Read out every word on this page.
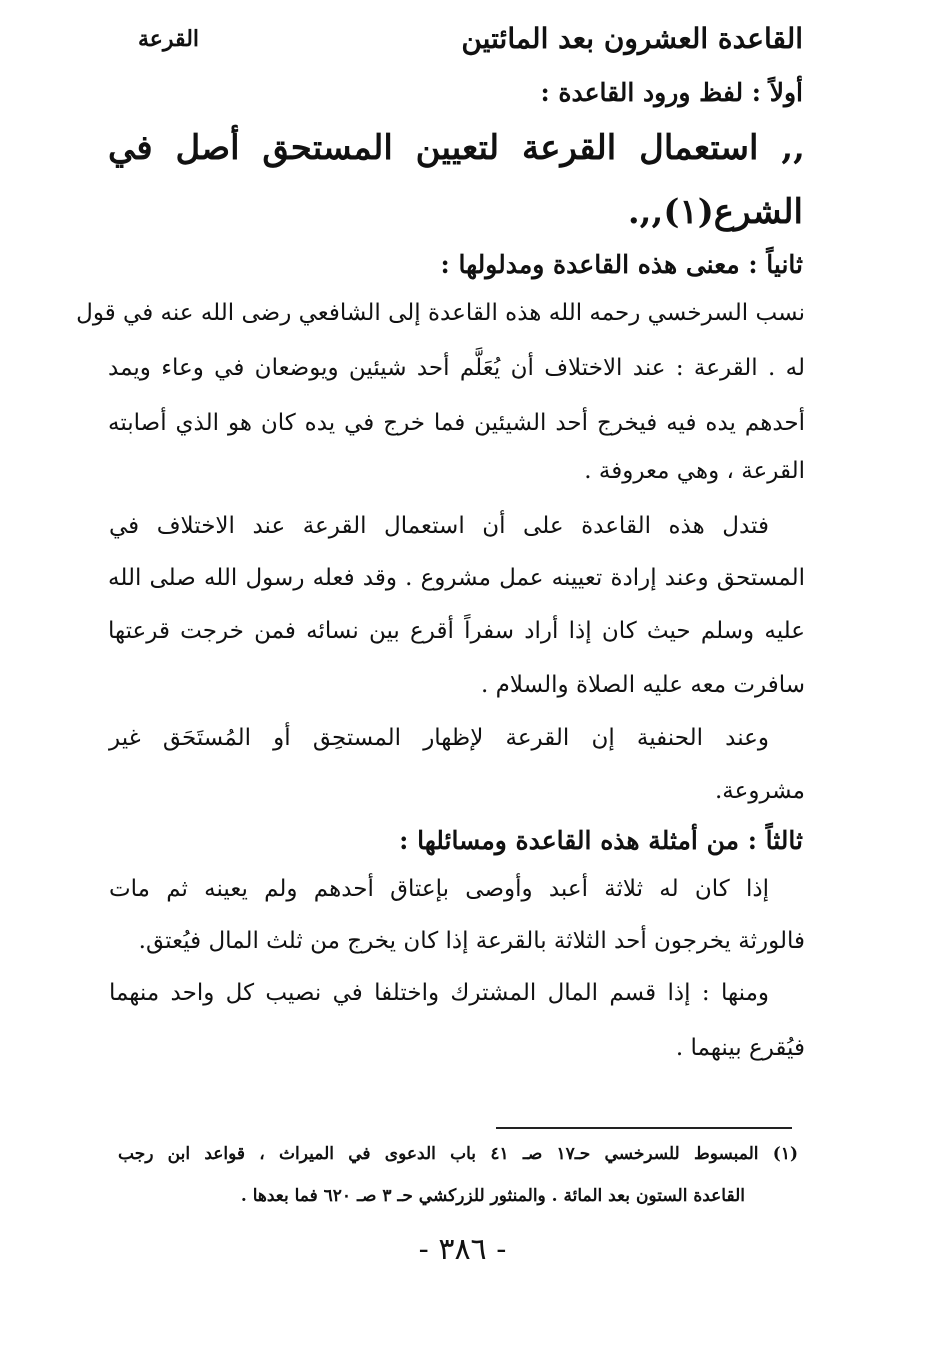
القاعدة العشرون بعد المائتين
القرعة
أولاً : لفظ ورود القاعدة :
,, استعمال القرعة لتعيين المستحق أصل في
الشرع(١),,.
ثانياً : معنى هذه القاعدة ومدلولها :
نسب السرخسي رحمه الله هذه القاعدة إلى الشافعي رضى الله عنه في قول
له . القرعة : عند الاختلاف أن يُعَلَّم أحد شيئين ويوضعان في وعاء ويمد
أحدهم يده فيه فيخرج أحد الشيئين فما خرج في يده كان هو الذي أصابته
القرعة ، وهي معروفة .
فتدل هذه القاعدة على أن استعمال القرعة عند الاختلاف في
المستحق وعند إرادة تعيينه عمل مشروع . وقد فعله رسول الله صلى الله
عليه وسلم حيث كان إذا أراد سفراً أقرع بين نسائه فمن خرجت قرعتها
سافرت معه عليه الصلاة والسلام .
وعند الحنفية إن القرعة لإظهار المستحِق أو المُستَحَق غير
مشروعة.
ثالثاً : من أمثلة هذه القاعدة ومسائلها :
إذا كان له ثلاثة أعبد وأوصى بإعتاق أحدهم ولم يعينه ثم مات
فالورثة يخرجون أحد الثلاثة بالقرعة إذا كان يخرج من ثلث المال فيُعتق.
ومنها : إذا قسم المال المشترك واختلفا في نصيب كل واحد منهما
فيُقرع بينهما .
(١) المبسوط للسرخسي حـ١٧ صـ ٤١ باب الدعوى في الميراث ، قواعد ابن رجب
القاعدة الستون بعد المائة . والمنثور للزركشي حـ ٣ صـ ٦٢٠ فما بعدها .
- ٣٨٦ -
